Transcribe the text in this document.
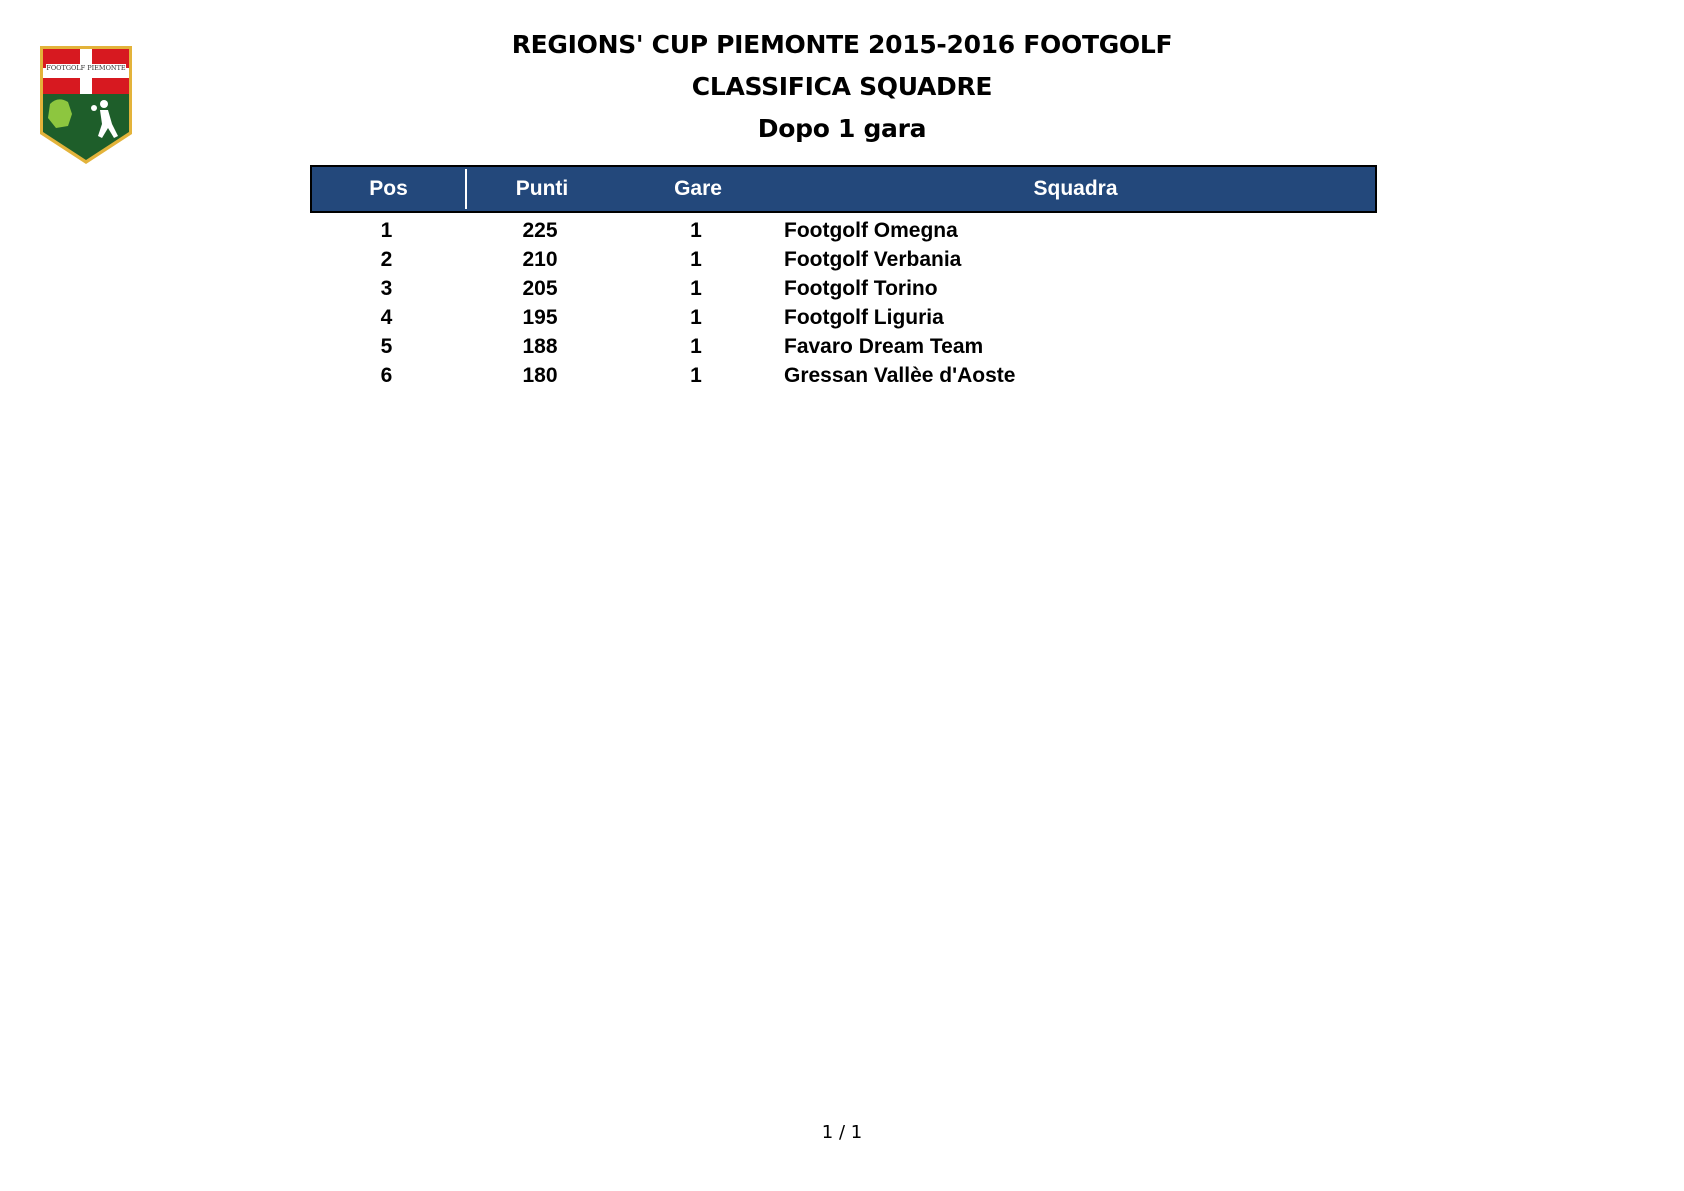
FOOTGOLF PIEMONTE
REGIONS' CUP PIEMONTE 2015-2016 FOOTGOLF
CLASSIFICA SQUADRE
Dopo 1 gara
Pos	Punti	Gare	Squadra
1	225	1	Footgolf Omegna
2	210	1	Footgolf Verbania
3	205	1	Footgolf Torino
4	195	1	Footgolf Liguria
5	188	1	Favaro Dream Team
6	180	1	Gressan Vallèe d'Aoste
1 / 1
